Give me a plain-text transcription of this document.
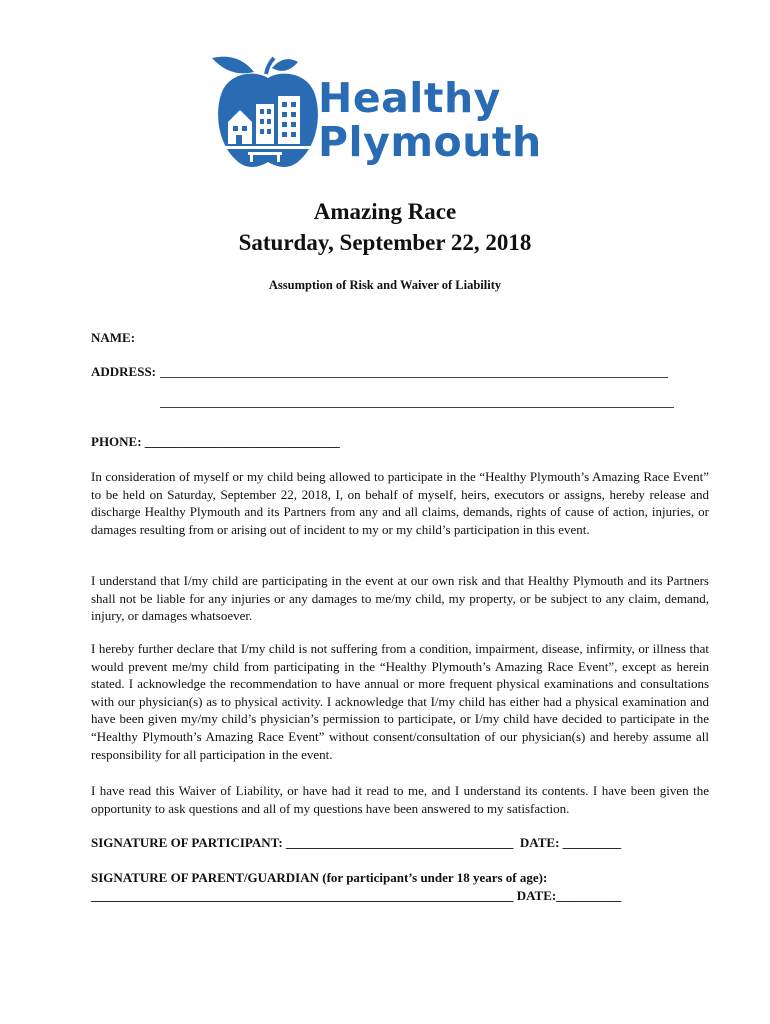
Healthy
Plymouth
Amazing Race
Saturday, September 22, 2018
Assumption of Risk and Waiver of Liability
NAME:
ADDRESS:
PHONE: ______________________________

In consideration of myself or my child being allowed to participate in the “Healthy Plymouth’s Amazing Race Event” to be held on Saturday, September 22, 2018, I, on behalf of myself, heirs, executors or assigns, hereby release and discharge Healthy Plymouth and its Partners from any and all claims, demands, rights of cause of action, injuries, or damages resulting from or arising out of incident to my or my child’s participation in this event.

I understand that I/my child are participating in the event at our own risk and that Healthy Plymouth and its Partners shall not be liable for any injuries or any damages to me/my child, my property, or be subject to any claim, demand, injury, or damages whatsoever.

I hereby further declare that I/my child is not suffering from a condition, impairment, disease, infirmity, or illness that would prevent me/my child from participating in the “Healthy Plymouth’s Amazing Race Event”, except as herein stated. I acknowledge the recommendation to have annual or more frequent physical examinations and consultations with our physician(s) as to physical activity. I acknowledge that I/my child has either had a physical examination and have been given my/my child’s physician’s permission to participate, or I/my child have decided to participate in the “Healthy Plymouth’s Amazing Race Event” without consent/consultation of our physician(s) and hereby assume all responsibility for all participation in the event.

I have read this Waiver of Liability, or have had it read to me, and I understand its contents. I have been given the opportunity to ask questions and all of my questions have been answered to my satisfaction.

SIGNATURE OF PARTICIPANT: ___________________________________  DATE: _________
SIGNATURE OF PARENT/GUARDIAN (for participant’s under 18 years of age):
_________________________________________________________________ DATE:__________
